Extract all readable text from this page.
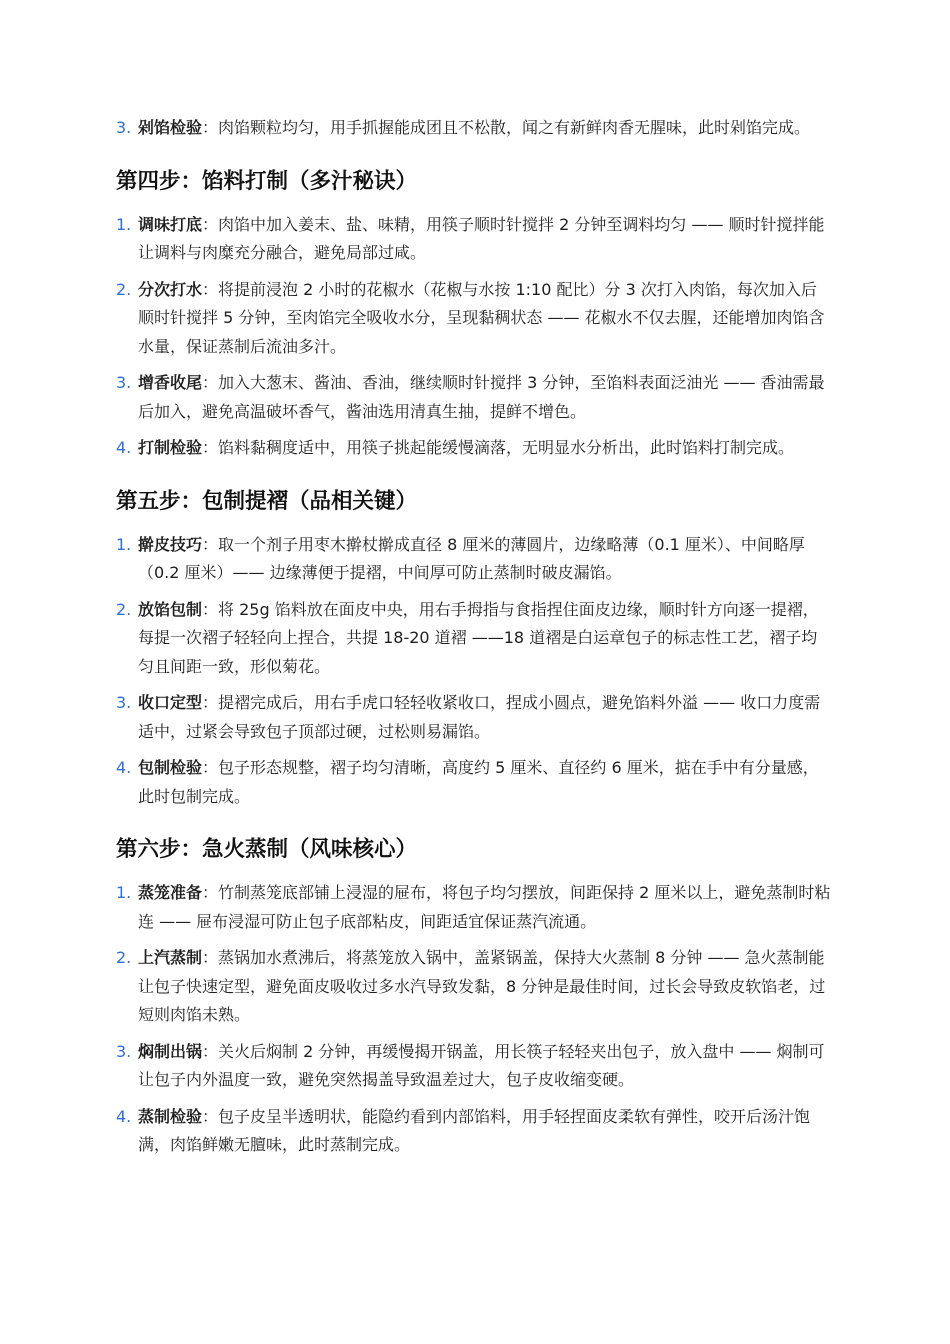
3. 剁馅检验：肉馅颗粒均匀，用手抓握能成团且不松散，闻之有新鲜肉香无腥味，此时剁馅完成。
第四步：馅料打制（多汁秘诀）
1. 调味打底：肉馅中加入姜末、盐、味精，用筷子顺时针搅拌 2 分钟至调料均匀 —— 顺时针搅拌能让调料与肉糜充分融合，避免局部过咸。
2. 分次打水：将提前浸泡 2 小时的花椒水（花椒与水按 1:10 配比）分 3 次打入肉馅，每次加入后顺时针搅拌 5 分钟，至肉馅完全吸收水分，呈现黏稠状态 —— 花椒水不仅去腥，还能增加肉馅含水量，保证蒸制后流油多汁。
3. 增香收尾：加入大葱末、酱油、香油，继续顺时针搅拌 3 分钟，至馅料表面泛油光 —— 香油需最后加入，避免高温破坏香气，酱油选用清真生抽，提鲜不增色。
4. 打制检验：馅料黏稠度适中，用筷子挑起能缓慢滴落，无明显水分析出，此时馅料打制完成。
第五步：包制提褶（品相关键）
1. 擀皮技巧：取一个剂子用枣木擀杖擀成直径 8 厘米的薄圆片，边缘略薄（0.1 厘米）、中间略厚（0.2 厘米）—— 边缘薄便于提褶，中间厚可防止蒸制时破皮漏馅。
2. 放馅包制：将 25g 馅料放在面皮中央，用右手拇指与食指捏住面皮边缘，顺时针方向逐一提褶，每提一次褶子轻轻向上捏合，共提 18-20 道褶 ——18 道褶是白运章包子的标志性工艺，褶子均匀且间距一致，形似菊花。
3. 收口定型：提褶完成后，用右手虎口轻轻收紧收口，捏成小圆点，避免馅料外溢 —— 收口力度需适中，过紧会导致包子顶部过硬，过松则易漏馅。
4. 包制检验：包子形态规整，褶子均匀清晰，高度约 5 厘米、直径约 6 厘米，掂在手中有分量感，此时包制完成。
第六步：急火蒸制（风味核心）
1. 蒸笼准备：竹制蒸笼底部铺上浸湿的屉布，将包子均匀摆放，间距保持 2 厘米以上，避免蒸制时粘连 —— 屉布浸湿可防止包子底部粘皮，间距适宜保证蒸汽流通。
2. 上汽蒸制：蒸锅加水煮沸后，将蒸笼放入锅中，盖紧锅盖，保持大火蒸制 8 分钟 —— 急火蒸制能让包子快速定型，避免面皮吸收过多水汽导致发黏，8 分钟是最佳时间，过长会导致皮软馅老，过短则肉馅未熟。
3. 焖制出锅：关火后焖制 2 分钟，再缓慢揭开锅盖，用长筷子轻轻夹出包子，放入盘中 —— 焖制可让包子内外温度一致，避免突然揭盖导致温差过大，包子皮收缩变硬。
4. 蒸制检验：包子皮呈半透明状，能隐约看到内部馅料，用手轻捏面皮柔软有弹性，咬开后汤汁饱满，肉馅鲜嫩无膻味，此时蒸制完成。
